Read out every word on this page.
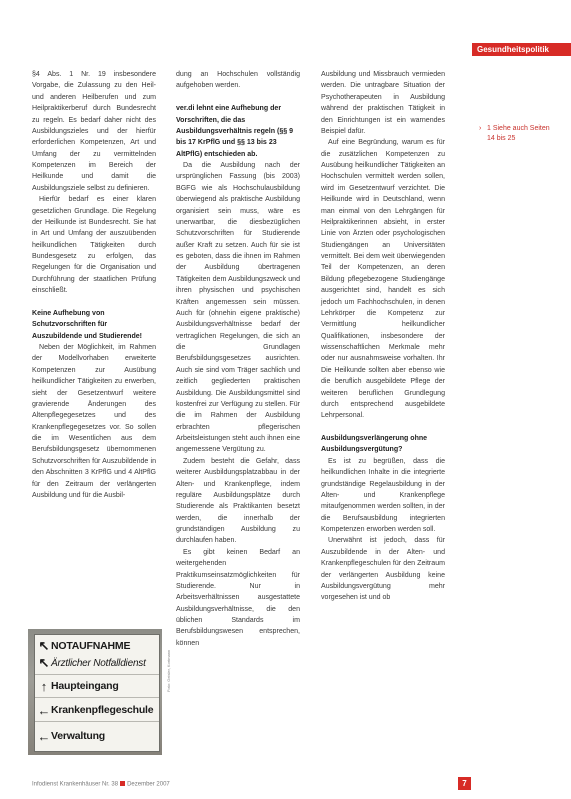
Gesundheitspolitik
› 1 Siehe auch Seiten 14 bis 25

§4 Abs. 1 Nr. 19 insbesondere Vorgabe, die Zulassung zu den Heil- und anderen Heilberufen und zum Heilpraktikerberuf durch Bundesrecht zu regeln. Es bedarf daher nicht des Ausbildungszieles und der hierfür erforderlichen Kompetenzen, Art und Umfang der zu vermittelnden Kompetenzen im Bereich der Heilkunde und damit die Ausbildungsziele selbst zu definieren.

Hierfür bedarf es einer klaren gesetzlichen Grundlage. Die Regelung der Heilkunde ist Bundesrecht. Sie hat in Art und Umfang der auszuübenden heilkundlichen Tätigkeiten durch Bundesgesetz zu erfolgen, das Regelungen für die Organisation und Durchführung der staatlichen Prüfung einschließt.

Keine Aufhebung von Schutzvorschriften für Auszubildende und Studierende!

Neben der Möglichkeit, im Rahmen der Modellvorhaben erweiterte Kompetenzen zur Ausübung heilkundlicher Tätigkeiten zu erwerben, sieht der Gesetzentwurf weitere gravierende Änderungen des Altenpflegegesetzes und des Krankenpflegegesetzes vor. So sollen die im Wesentlichen aus dem Berufsbildungsgesetz übernommenen Schutzvorschriften für Auszubildende in den Abschnitten 3 KrPflG und 4 AltPflG für den Zeitraum der verlängerten Ausbildung und für die Ausbil-

dung an Hochschulen vollständig aufgehoben werden.

ver.di lehnt eine Aufhebung der Vorschriften, die das Ausbildungsverhältnis regeln (§§ 9 bis 17 KrPflG und §§ 13 bis 23 AltPflG) entschieden ab.

Da die Ausbildung nach der ursprünglichen Fassung (bis 2003) BGFG wie als Hochschulausbildung überwiegend als praktische Ausbildung organisiert sein muss, wäre es unerwartbar, die diesbezüglichen Schutzvorschriften für Studierende außer Kraft zu setzen. Auch für sie ist es geboten, dass die ihnen im Rahmen der Ausbildung übertragenen Tätigkeiten dem Ausbildungszweck und ihren physischen und psychischen Kräften angemessen sein müssen. Auch für (ohnehin eigene praktische) Ausbildungsverhältnisse bedarf der vertraglichen Regelungen, die sich an die Grundlagen Berufsbildungsgesetzes ausrichten. Auch sie sind vom Träger sachlich und zeitlich gegliederten praktischen Ausbildung. Die Ausbildungsmittel sind kostenfrei zur Verfügung zu stellen. Für die im Rahmen der Ausbildung erbrachten pflegerischen Arbeitsleistungen steht auch ihnen eine angemessene Vergütung zu.

Zudem besteht die Gefahr, dass weiterer Ausbildungsplatzabbau in der Alten- und Krankenpflege, indem reguläre Ausbildungsplätze durch Studierende als Praktikanten besetzt werden, die innerhalb der grundständigen Ausbildung zu durchlaufen haben.

Es gibt keinen Bedarf an weitergehenden Praktikumseinsatzmöglichkeiten für Studierende. Nur in Arbeitsverhältnissen ausgestattete Ausbildungsverhältnisse, die den üblichen Standards im Berufsbildungswesen entsprechen, können

Ausbildung und Missbrauch vermieden werden. Die untragbare Situation der Psychotherapeuten in Ausbildung während der praktischen Tätigkeit in den Einrichtungen ist ein warnendes Beispiel dafür.

Auf eine Begründung, warum es für die zusätzlichen Kompetenzen zu Ausübung heilkundlicher Tätigkeiten an Hochschulen vermittelt werden sollen, wird im Gesetzentwurf verzichtet. Die Heilkunde wird in Deutschland, wenn man einmal von den Lehrgängen für Heilpraktikerinnen absieht, in erster Linie von Ärzten oder psychologischen Studiengängen an Universitäten vermittelt. Bei dem weit überwiegenden Teil der Kompetenzen, an deren Bildung pflegebezogene Studiengänge ausgerichtet sind, handelt es sich jedoch um Fachhochschulen, in denen Lehrkörper die Kompetenz zur Vermittlung heilkundlicher Qualifikationen, insbesondere der wissenschaftlichen Merkmale mehr oder nur ausnahmsweise vorhalten. Ihr Die Heilkunde sollten aber ebenso wie die beruflich ausgebildete Pflege der weiteren beruflichen Grundlegung durch entsprechend ausgebildete Lehrpersonal.

Ausbildungsverlängerung ohne Ausbildungsvergütung?

Es ist zu begrüßen, dass die heilkundlichen Inhalte in die integrierte grundständige Regelausbildung in der Alten- und Krankenpflege mitaufgenommen werden sollten, in der die Berufsausbildung integrierten Kompetenzen erworben werden soll.

Unerwähnt ist jedoch, dass für Auszubildende in der Alten- und Krankenpflegeschulen für den Zeitraum der verlängerten Ausbildung keine Ausbildungsvergütung mehr vorgesehen ist und ob

↖ NOTAUFNAHME
↖ Ärztlicher Notfalldienst
↑ Haupteingang
← Krankenpflegeschule
← Verwaltung
Foto: Geisler, Kortmann
Infodienst Krankenhäuser Nr. 38 Dezember 2007	7
